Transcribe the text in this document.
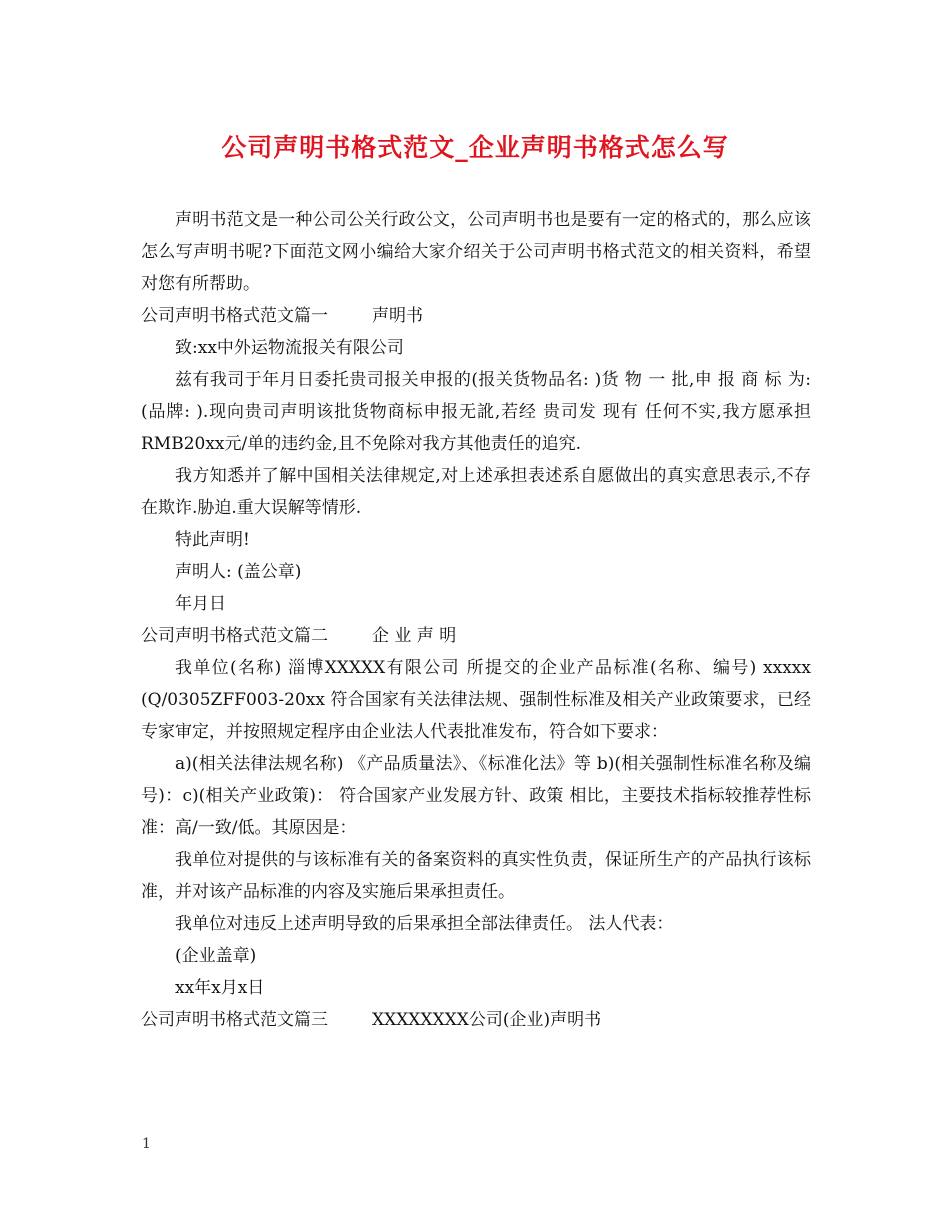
公司声明书格式范文_企业声明书格式怎么写

声明书范文是一种公司公关行政公文，公司声明书也是要有一定的格式的，那么应该怎么写声明书呢?下面范文网小编给大家介绍关于公司声明书格式范文的相关资料，希望对您有所帮助。

公司声明书格式范文篇一	声明书

致:xx中外运物流报关有限公司

兹有我司于年月日委托贵司报关申报的(报关货物品名: )货 物 一 批,申 报 商 标 为:(品牌: ).现向贵司声明该批货物商标申报无訛,若经 贵司发 现有 任何不实,我方愿承担RMB20xx元/单的违约金,且不免除对我方其他责任的追究.

我方知悉并了解中国相关法律规定,对上述承担表述系自愿做出的真实意思表示,不存在欺诈.胁迫.重大误解等情形.

特此声明!

声明人: (盖公章)

年月日

公司声明书格式范文篇二	企 业 声 明

我单位(名称) 淄博XXXXX有限公司 所提交的企业产品标准(名称、编号) xxxxx (Q/0305ZFF003-20xx 符合国家有关法律法规、强制性标准及相关产业政策要求，已经专家审定，并按照规定程序由企业法人代表批准发布，符合如下要求：

a)(相关法律法规名称) 《产品质量法》、《标准化法》等 b)(相关强制性标准名称及编号)：c)(相关产业政策)： 符合国家产业发展方针、政策 相比，主要技术指标较推荐性标准：高/一致/低。其原因是：

我单位对提供的与该标准有关的备案资料的真实性负责，保证所生产的产品执行该标准，并对该产品标准的内容及实施后果承担责任。

我单位对违反上述声明导致的后果承担全部法律责任。 法人代表：

(企业盖章)

xx年x月x日

公司声明书格式范文篇三	XXXXXXXX公司(企业)声明书

1
